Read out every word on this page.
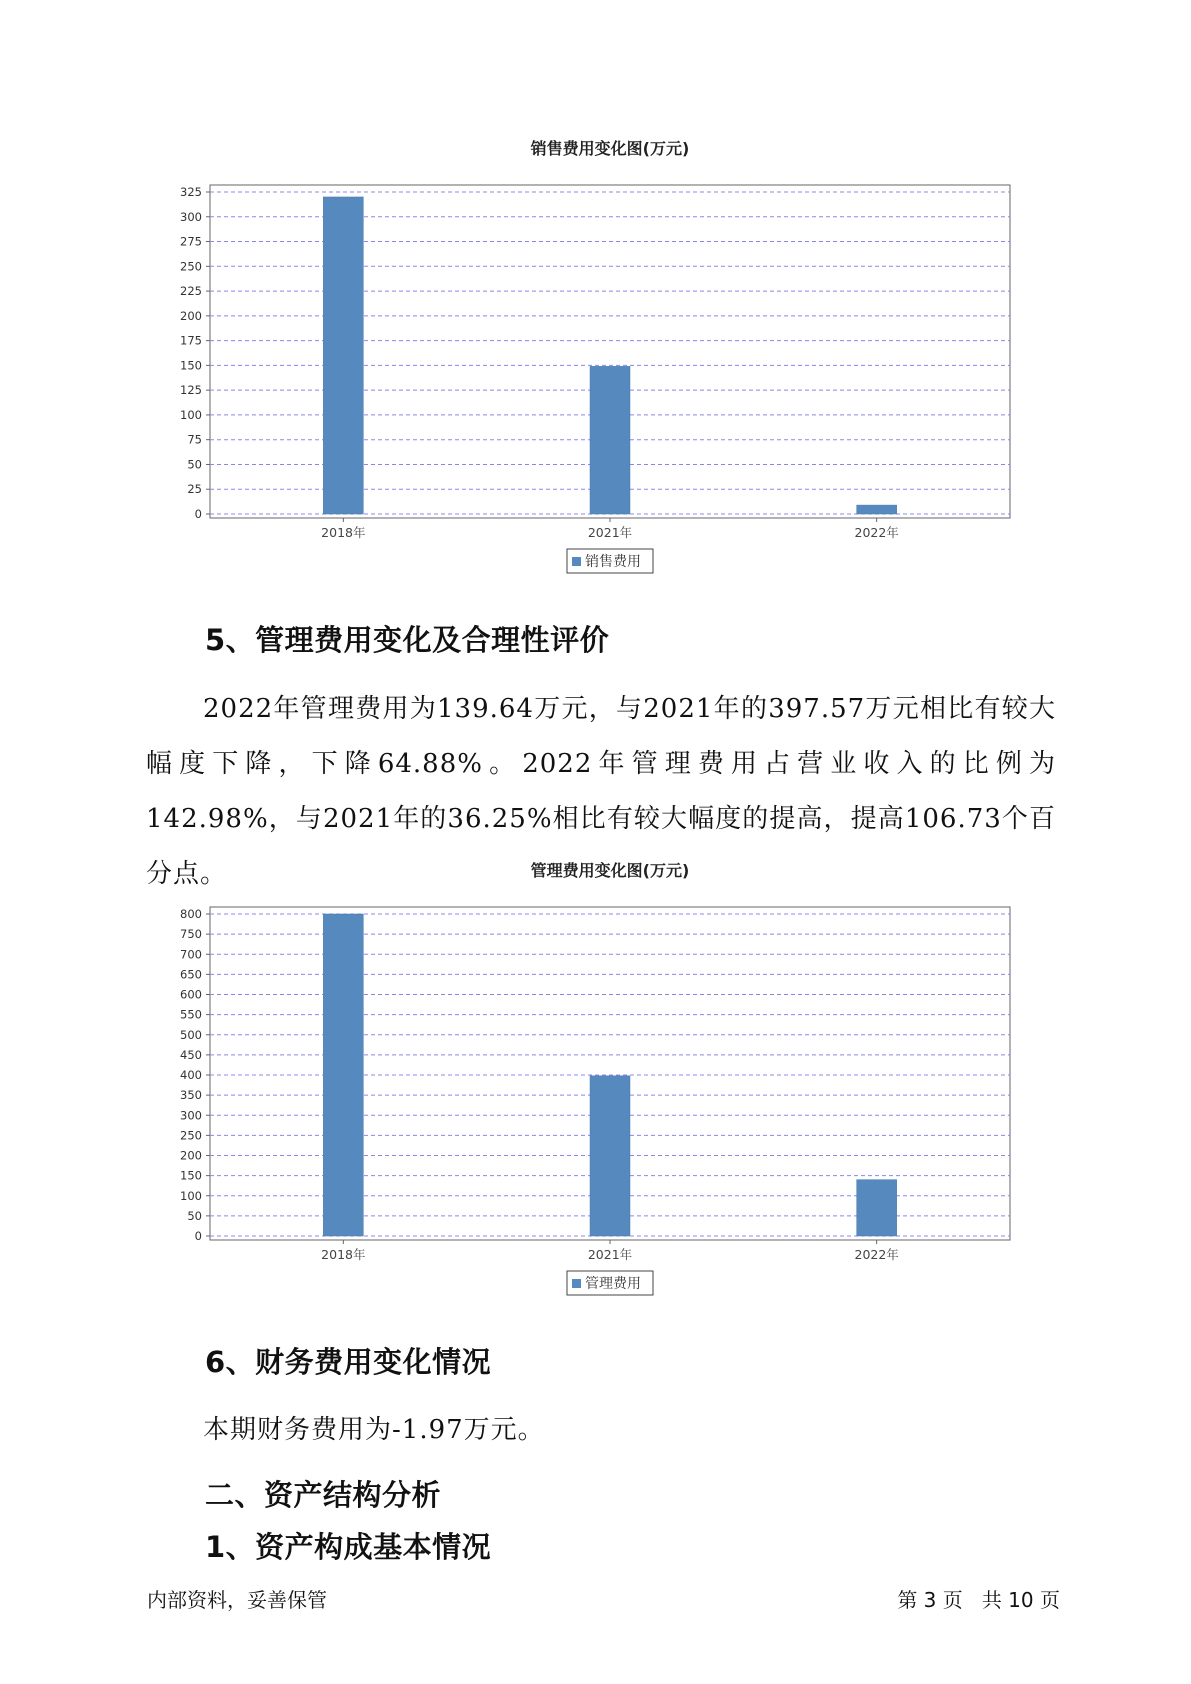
销售费用变化图(万元)
0
25
50
75
100
125
150
175
200
225
250
275
300
325
2018年	2021年	2022年
销售费用
5、管理费用变化及合理性评价

2022年管理费用为139.64万元，与2021年的397.57万元相比有较大幅度下降，下降64.88%。2022年管理费用占营业收入的比例为142.98%，与2021年的36.25%相比有较大幅度的提高，提高106.73个百分点。	管理费用变化图(万元)
0
50
100
150
200
250
300
350
400
450
500
550
600
650
700
750
800
2018年	2021年	2022年
管理费用
6、财务费用变化情况

本期财务费用为-1.97万元。

二、资产结构分析
1、资产构成基本情况
内部资料，妥善保管	第 3 页   共 10 页
